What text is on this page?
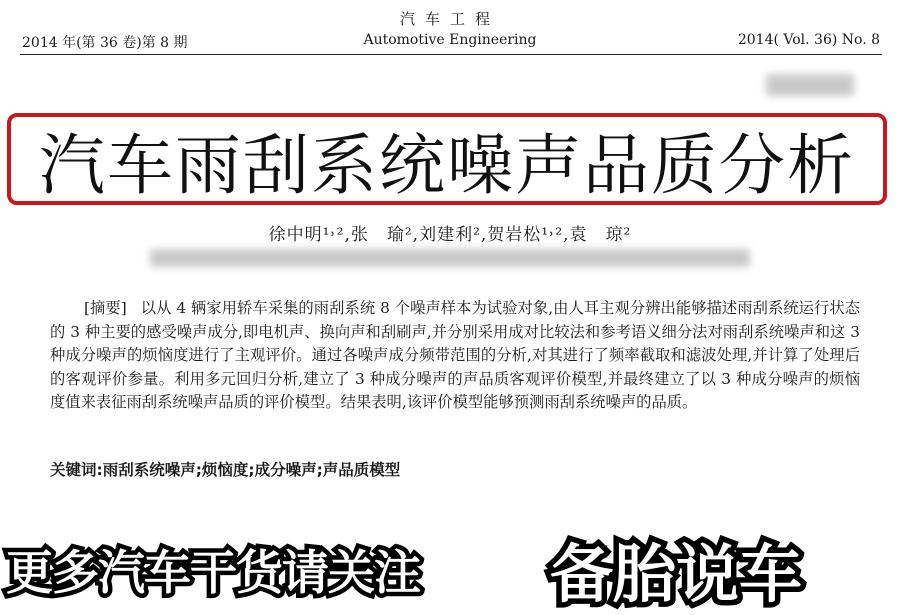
汽车工程
2014 年(第 36 卷)第 8 期	Automotive Engineering	2014( Vol. 36) No. 8
汽车雨刮系统噪声品质分析
徐中明¹˒²,张　瑜²,刘建利²,贺岩松¹˒²,袁　琼²
[摘要] 以从 4 辆家用轿车采集的雨刮系统 8 个噪声样本为试验对象,由人耳主观分辨出能够描述雨刮系统运行状态的 3 种主要的感受噪声成分,即电机声、换向声和刮刷声,并分别采用成对比较法和参考语义细分法对雨刮系统噪声和这 3 种成分噪声的烦恼度进行了主观评价。通过各噪声成分频带范围的分析,对其进行了频率截取和滤波处理,并计算了处理后的客观评价参量。利用多元回归分析,建立了 3 种成分噪声的声品质客观评价模型,并最终建立了以 3 种成分噪声的烦恼度值来表征雨刮系统噪声品质的评价模型。结果表明,该评价模型能够预测雨刮系统噪声的品质。
关键词:雨刮系统噪声;烦恼度;成分噪声;声品质模型
更多汽车干货请关注 备胎说车
